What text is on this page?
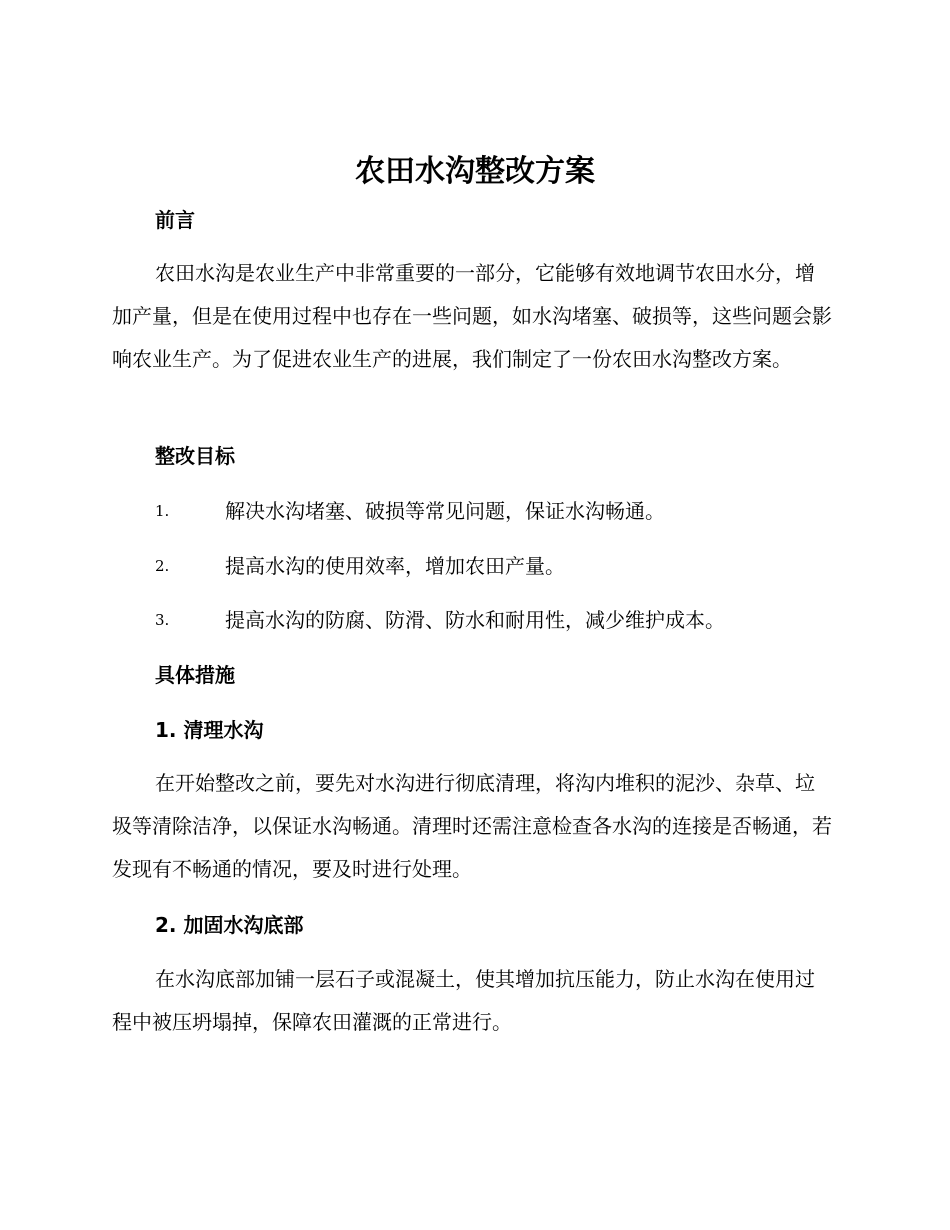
农田水沟整改方案
前言

农田水沟是农业生产中非常重要的一部分，它能够有效地调节农田水分，增加产量，但是在使用过程中也存在一些问题，如水沟堵塞、破损等，这些问题会影响农业生产。为了促进农业生产的进展，我们制定了一份农田水沟整改方案。

整改目标
1.	解决水沟堵塞、破损等常见问题，保证水沟畅通。
2.	提高水沟的使用效率，增加农田产量。
3.	提高水沟的防腐、防滑、防水和耐用性，减少维护成本。
具体措施
1. 清理水沟

在开始整改之前，要先对水沟进行彻底清理，将沟内堆积的泥沙、杂草、垃圾等清除洁净，以保证水沟畅通。清理时还需注意检查各水沟的连接是否畅通，若发现有不畅通的情况，要及时进行处理。

2. 加固水沟底部

在水沟底部加铺一层石子或混凝土，使其增加抗压能力，防止水沟在使用过程中被压坍塌掉，保障农田灌溉的正常进行。
